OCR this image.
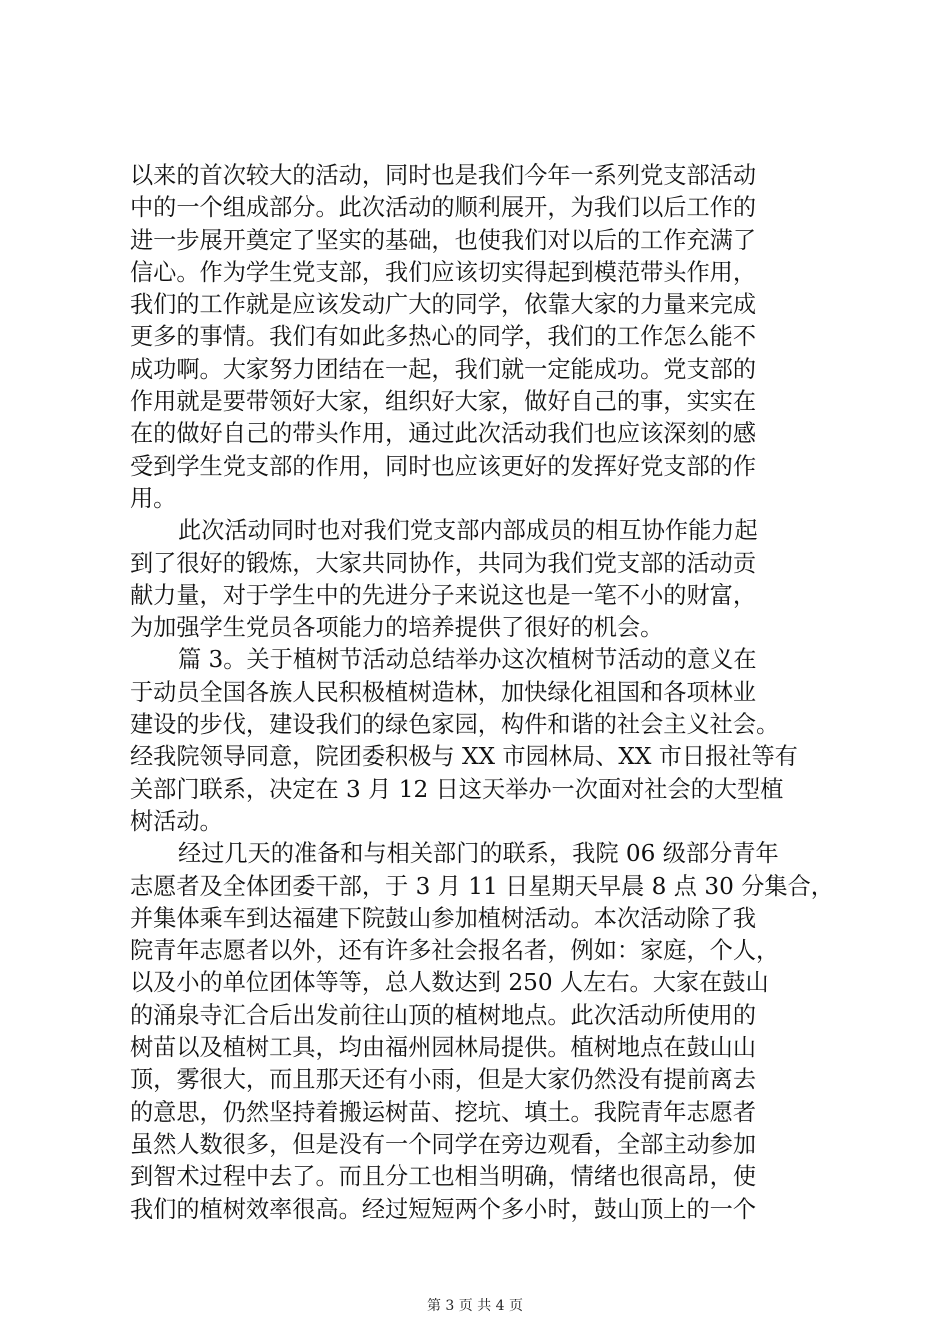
以来的首次较大的活动，同时也是我们今年一系列党支部活动
中的一个组成部分。此次活动的顺利展开，为我们以后工作的
进一步展开奠定了坚实的基础，也使我们对以后的工作充满了
信心。作为学生党支部，我们应该切实得起到模范带头作用，
我们的工作就是应该发动广大的同学，依靠大家的力量来完成
更多的事情。我们有如此多热心的同学，我们的工作怎么能不
成功啊。大家努力团结在一起，我们就一定能成功。党支部的
作用就是要带领好大家，组织好大家，做好自己的事，实实在
在的做好自己的带头作用，通过此次活动我们也应该深刻的感
受到学生党支部的作用，同时也应该更好的发挥好党支部的作
用。
此次活动同时也对我们党支部内部成员的相互协作能力起
到了很好的锻炼，大家共同协作，共同为我们党支部的活动贡
献力量，对于学生中的先进分子来说这也是一笔不小的财富，
为加强学生党员各项能力的培养提供了很好的机会。
篇 3。关于植树节活动总结举办这次植树节活动的意义在
于动员全国各族人民积极植树造林，加快绿化祖国和各项林业
建设的步伐，建设我们的绿色家园，构件和谐的社会主义社会。
经我院领导同意，院团委积极与 XX 市园林局、XX 市日报社等有
关部门联系，决定在 3 月 12 日这天举办一次面对社会的大型植
树活动。
经过几天的准备和与相关部门的联系，我院 06 级部分青年
志愿者及全体团委干部，于 3 月 11 日星期天早晨 8 点 30 分集合，
并集体乘车到达福建下院鼓山参加植树活动。本次活动除了我
院青年志愿者以外，还有许多社会报名者，例如：家庭，个人，
以及小的单位团体等等，总人数达到 250 人左右。大家在鼓山
的涌泉寺汇合后出发前往山顶的植树地点。此次活动所使用的
树苗以及植树工具，均由福州园林局提供。植树地点在鼓山山
顶，雾很大，而且那天还有小雨，但是大家仍然没有提前离去
的意思，仍然坚持着搬运树苗、挖坑、填土。我院青年志愿者
虽然人数很多，但是没有一个同学在旁边观看，全部主动参加
到智术过程中去了。而且分工也相当明确，情绪也很高昂，使
我们的植树效率很高。经过短短两个多小时，鼓山顶上的一个
第 3 页 共 4 页
